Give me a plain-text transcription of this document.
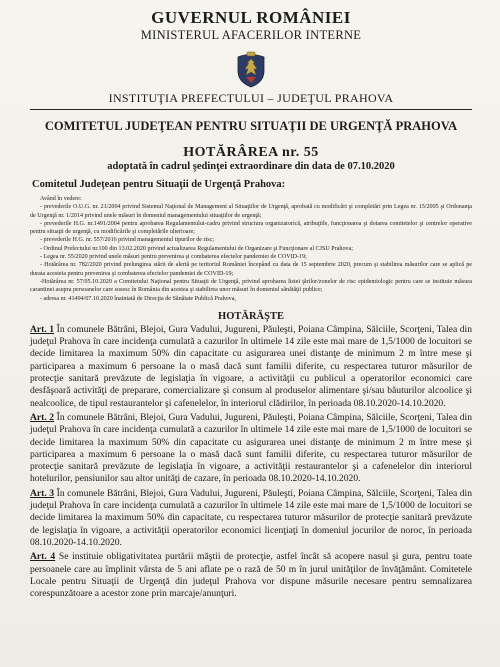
GUVERNUL ROMÂNIEI
MINISTERUL AFACERILOR INTERNE
INSTITUŢIA PREFECTULUI – JUDEŢUL PRAHOVA
COMITETUL JUDEŢEAN PENTRU SITUAŢII DE URGENŢĂ PRAHOVA
HOTĂRÂREA nr. 55
adoptată în cadrul şedinţei extraordinare din data de 07.10.2020
Comitetul Judeţean pentru Situaţii de Urgenţă Prahova:
Având în vedere:
- prevederile O.U.G. nr. 21/2004 privind Sistemul Naţional de Management al Situaţiilor de Urgenţă, aprobată cu modificări şi completări prin Legea nr. 15/2005 şi Ordonanţa de Urgenţă nr. 1/2014 privind unele măsuri în domeniul managementului situaţiilor de urgenţă;
- prevederile H.G. nr.1491/2004 pentru aprobarea Regulamentului-cadru privind structura organizatorică, atribuţiile, funcţionarea şi dotarea comitetelor şi centrelor operative pentru situaţii de urgenţă, cu modificările şi completările ulterioare;
- prevederile H.G. nr. 557/2016 privind managementul tipurilor de risc;
- Ordinul Prefectului nr.100 din 13.02.2020 privind actualizarea Regulamentului de Organizare şi Funcţionare al CJSU Prahova;
- Legea nr. 55/2020 privind unele măsuri pentru prevenirea şi combaterea efectelor pandemiei de COVID-19;
- Hotărârea nr. 782/2020 privind prelungirea stării de alertă pe teritoriul României începând cu data de 15 septembrie 2020, precum şi stabilirea măsurilor care se aplică pe durata acesteia pentru prevenirea şi combaterea efectelor pandemiei de COVID-19;
-Hotărârea nr. 57/05.10.2020 a Comitetului Naţional pentru Situaţii de Urgenţă, privind aprobarea listei ţărilor/zonelor de risc epidemiologic pentru care se instituie măsura carantinei asupra persoanelor care sosesc în România din acestea şi stabilirea unor măsuri în domeniul sănătăţii publice;
- adresa nr. 41494/07.10.2020 înaintată de Direcţia de Sănătate Publică Prahova,
HOTĂRĂŞTE
Art. 1 În comunele Bătrâni, Blejoi, Gura Vadului, Jugureni, Păuleşti, Poiana Câmpina, Sălciile, Scorţeni, Talea din judeţul Prahova în care incidenţa cumulată a cazurilor în ultimele 14 zile este mai mare de 1,5/1000 de locuitori se decide limitarea la maximum 50% din capacitate cu asigurarea unei distanţe de minimum 2 m între mese şi participarea a maximum 6 persoane la o masă dacă sunt familii diferite, cu respectarea tuturor măsurilor de protecţie sanitară prevăzute de legislaţia în vigoare, a activităţii cu publicul a operatorilor economici care desfăşoară activităţi de preparare, comercializare şi consum al produselor alimentare şi/sau băuturilor alcoolice şi nealcoolice, de tipul restaurantelor şi cafenelelor, în interiorul clădirilor, în perioada 08.10.2020-14.10.2020.
Art. 2 În comunele Bătrâni, Blejoi, Gura Vadului, Jugureni, Păuleşti, Poiana Câmpina, Sălciile, Scorţeni, Talea din judeţul Prahova în care incidenţa cumulată a cazurilor în ultimele 14 zile este mai mare de 1,5/1000 de locuitori se decide limitarea la maximum 50% din capacitate cu asigurarea unei distanţe de minimum 2 m între mese şi participarea a maximum 6 persoane la o masă dacă sunt familii diferite, cu respectarea tuturor măsurilor de protecţie sanitară prevăzute de legislaţia în vigoare, a activităţii restaurantelor şi a cafenelelor din interiorul hotelurilor, pensiunilor sau altor unităţi de cazare, în perioada 08.10.2020-14.10.2020.
Art. 3 În comunele Bătrâni, Blejoi, Gura Vadului, Jugureni, Păuleşti, Poiana Câmpina, Sălciile, Scorţeni, Talea din judeţul Prahova în care incidenţa cumulată a cazurilor în ultimele 14 zile este mai mare de 1,5/1000 de locuitori se decide limitarea la maximum 50% din capacitate, cu respectarea tuturor măsurilor de protecţie sanitară prevăzute de legislaţia în vigoare, a activităţii operatorilor economici licenţiaţi în domeniul jocurilor de noroc, în perioada 08.10.2020-14.10.2020.
Art. 4 Se instituie obligativitatea purtării măştii de protecţie, astfel încât să acopere nasul şi gura, pentru toate persoanele care au împlinit vârsta de 5 ani aflate pe o rază de 50 m în jurul unităţilor de învăţământ. Comitetele Locale pentru Situaţii de Urgenţă din judeţul Prahova vor dispune măsurile necesare pentru semnalizarea corespunzătoare a acestor zone prin marcaje/anunţuri.
